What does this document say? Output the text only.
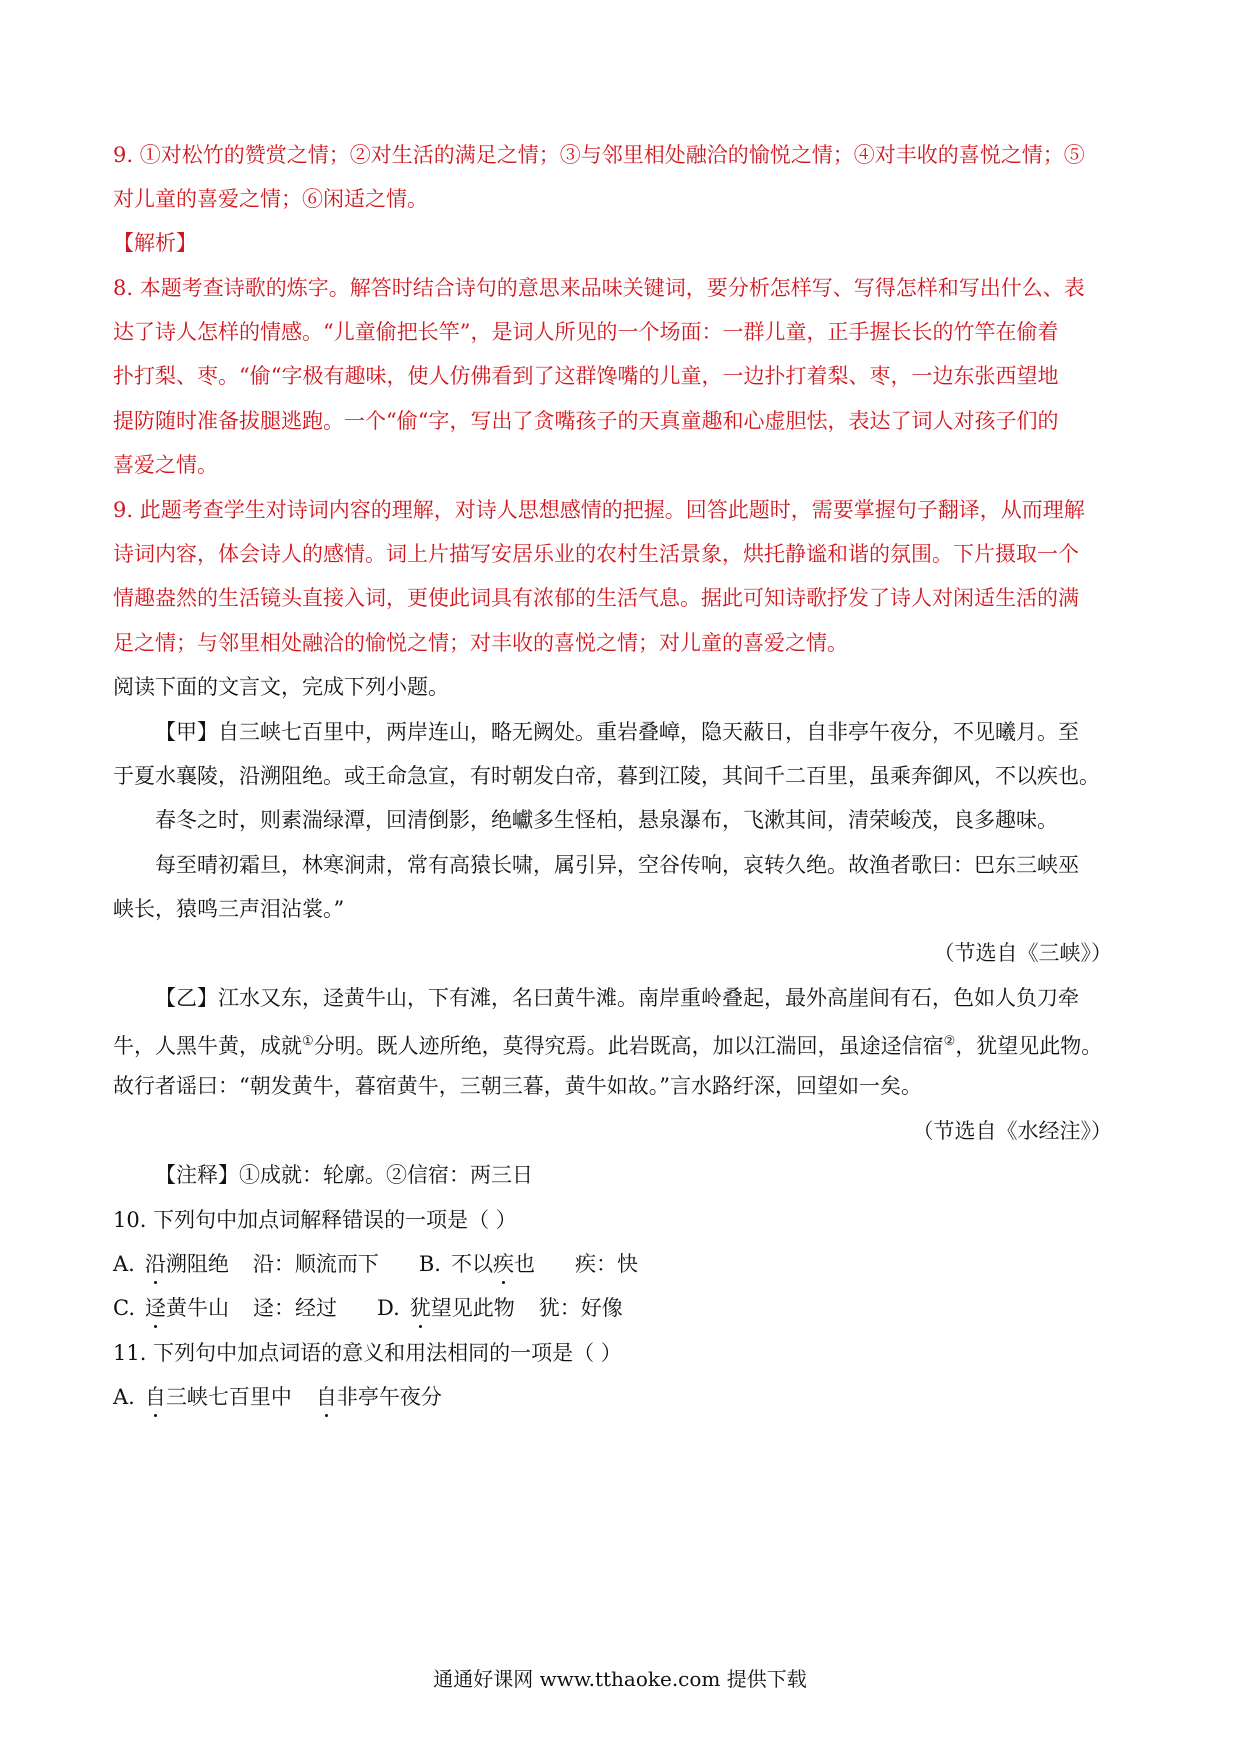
9. ①对松竹的赞赏之情；②对生活的满足之情；③与邻里相处融洽的愉悦之情；④对丰收的喜悦之情；⑤
对儿童的喜爱之情；⑥闲适之情。
【解析】
8. 本题考查诗歌的炼字。解答时结合诗句的意思来品味关键词，要分析怎样写、写得怎样和写出什么、表
达了诗人怎样的情感。“儿童偷把长竿”，是词人所见的一个场面：一群儿童，正手握长长的竹竿在偷着
扑打梨、枣。“偷“字极有趣味，使人仿佛看到了这群馋嘴的儿童，一边扑打着梨、枣，一边东张西望地
提防随时准备拔腿逃跑。一个“偷“字，写出了贪嘴孩子的天真童趣和心虚胆怯，表达了词人对孩子们的
喜爱之情。
9. 此题考查学生对诗词内容的理解，对诗人思想感情的把握。回答此题时，需要掌握句子翻译，从而理解
诗词内容，体会诗人的感情。词上片描写安居乐业的农村生活景象，烘托静谧和谐的氛围。下片摄取一个
情趣盎然的生活镜头直接入词，更使此词具有浓郁的生活气息。据此可知诗歌抒发了诗人对闲适生活的满
足之情；与邻里相处融洽的愉悦之情；对丰收的喜悦之情；对儿童的喜爱之情。
阅读下面的文言文，完成下列小题。
【甲】自三峡七百里中，两岸连山，略无阙处。重岩叠嶂，隐天蔽日，自非亭午夜分，不见曦月。至
于夏水襄陵，沿溯阻绝。或王命急宣，有时朝发白帝，暮到江陵，其间千二百里，虽乘奔御风，不以疾也。
春冬之时，则素湍绿潭，回清倒影，绝巘多生怪柏，悬泉瀑布，飞漱其间，清荣峻茂，良多趣味。
每至晴初霜旦，林寒涧肃，常有高猿长啸，属引异，空谷传响，哀转久绝。故渔者歌曰：巴东三峡巫
峡长，猿鸣三声泪沾裳。”
（节选自《三峡》）
【乙】江水又东，迳黄牛山，下有滩，名曰黄牛滩。南岸重岭叠起，最外高崖间有石，色如人负刀牵
牛，人黑牛黄，成就①分明。既人迹所绝，莫得究焉。此岩既高，加以江湍回，虽途迳信宿②，犹望见此物。
故行者谣曰：“朝发黄牛，暮宿黄牛，三朝三暮，黄牛如故。”言水路纡深，回望如一矣。
（节选自《水经注》）
【注释】①成就：轮廓。②信宿：两三日
10. 下列句中加点词解释错误的一项是（ ）
A. 沿溯阻绝 沿：顺流而下 B. 不以疾也 疾：快
C. 迳黄牛山 迳：经过 D. 犹望见此物 犹：好像
11. 下列句中加点词语的意义和用法相同的一项是（ ）
A. 自三峡七百里中 自非亭午夜分
通通好课网 www.tthaoke.com 提供下载
